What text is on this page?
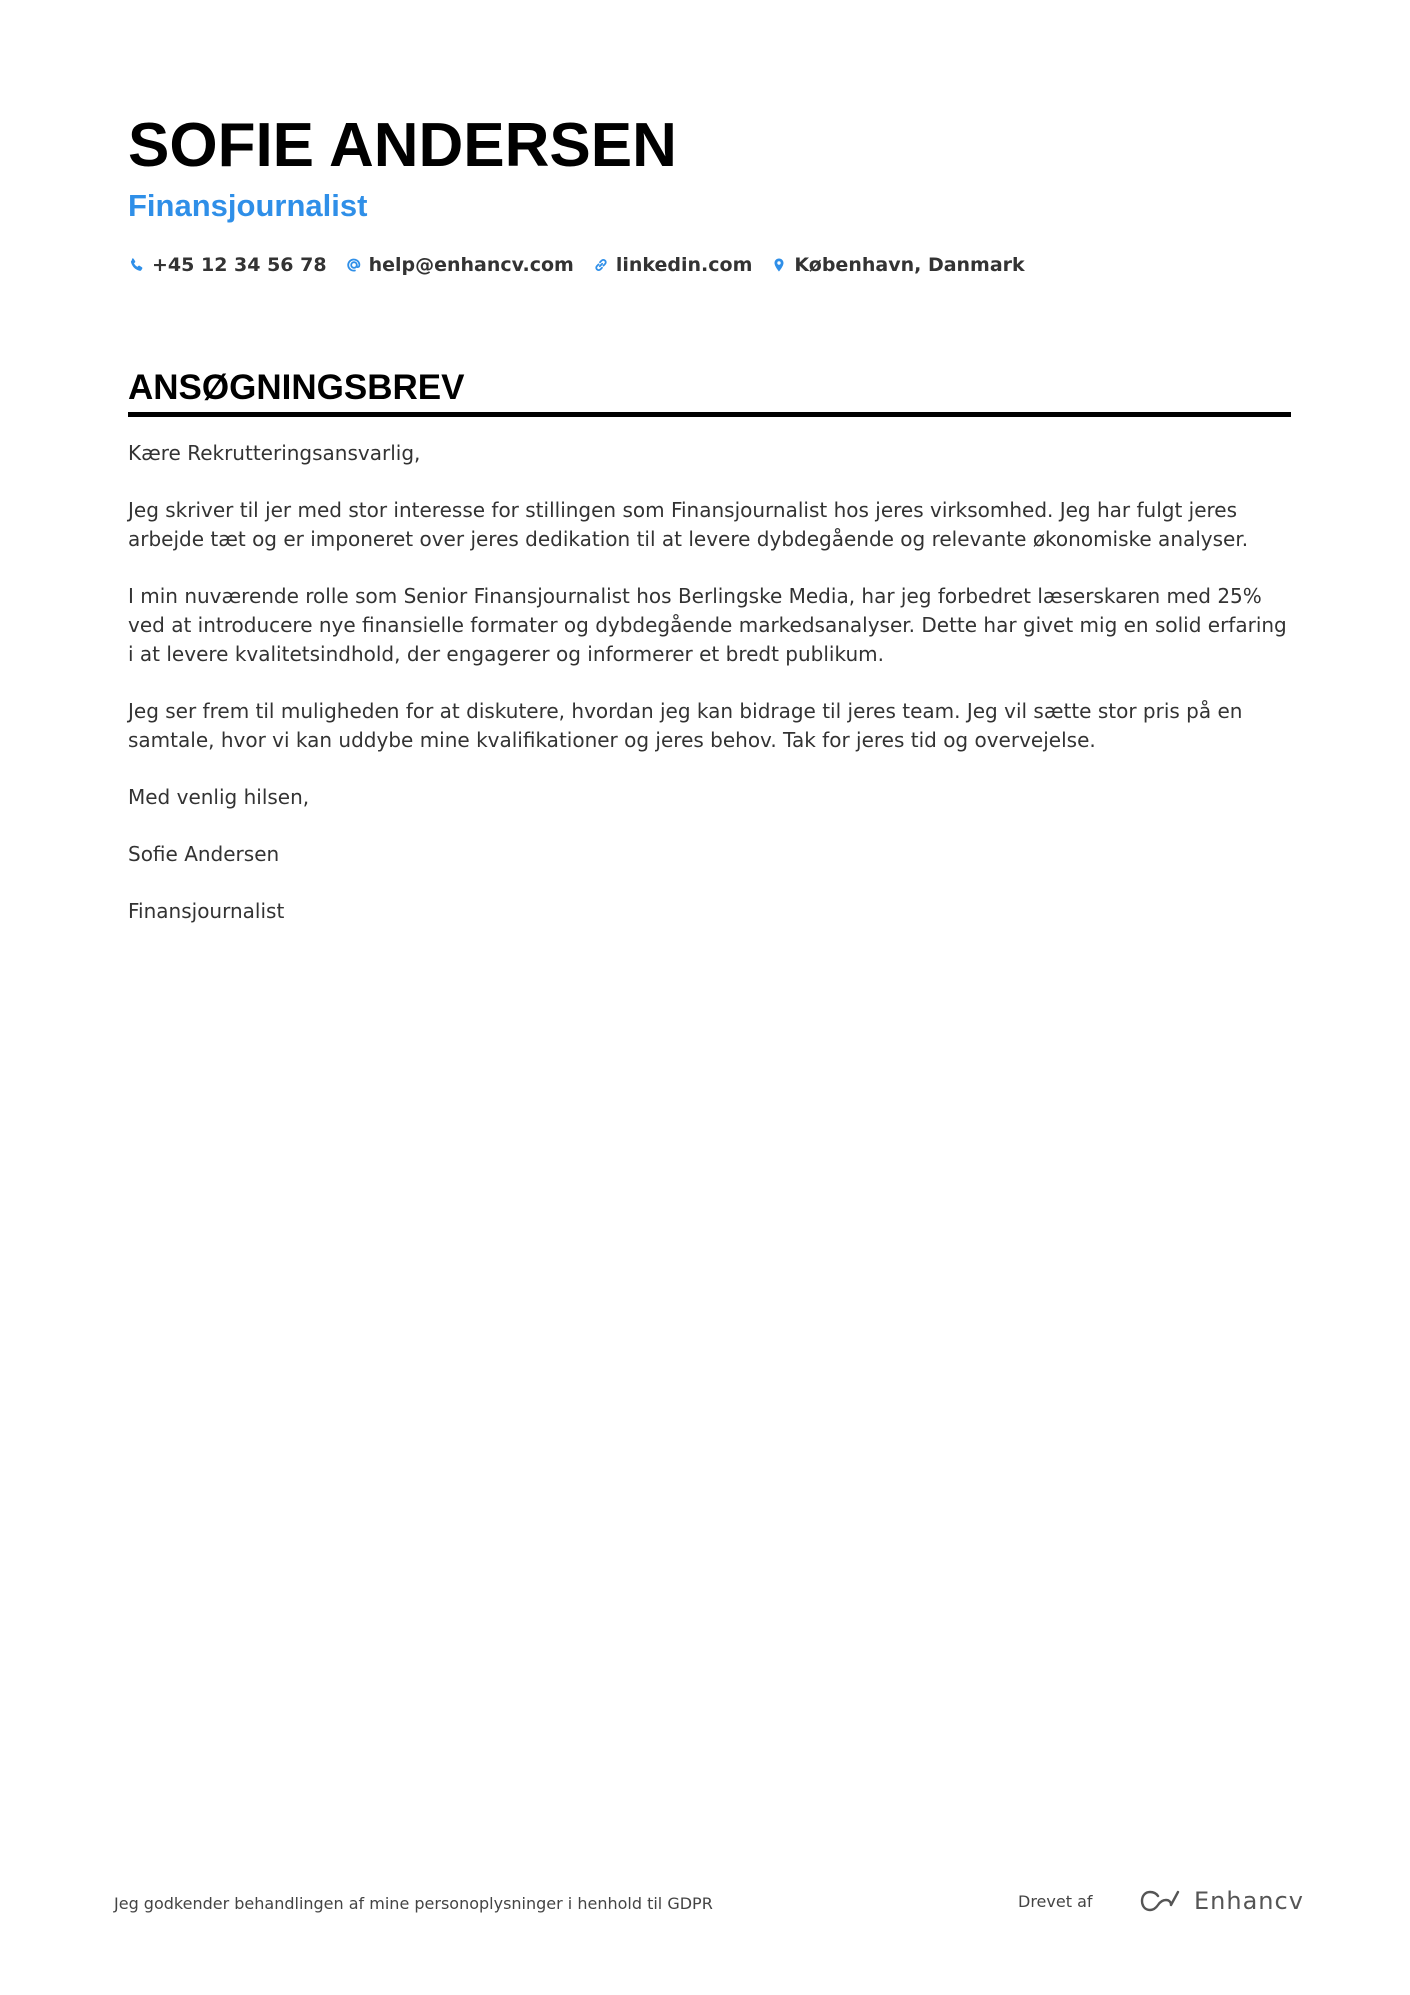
SOFIE ANDERSEN
Finansjournalist
+45 12 34 56 78 help@enhancv.com linkedin.com København, Danmark
ANSØGNINGSBREV

Kære Rekrutteringsansvarlig,

Jeg skriver til jer med stor interesse for stillingen som Finansjournalist hos jeres virksomhed. Jeg har fulgt jeres arbejde tæt og er imponeret over jeres dedikation til at levere dybdegående og relevante økonomiske analyser.

I min nuværende rolle som Senior Finansjournalist hos Berlingske Media, har jeg forbedret læserskaren med 25% ved at introducere nye finansielle formater og dybdegående markedsanalyser. Dette har givet mig en solid erfaring i at levere kvalitetsindhold, der engagerer og informerer et bredt publikum.

Jeg ser frem til muligheden for at diskutere, hvordan jeg kan bidrage til jeres team. Jeg vil sætte stor pris på en samtale, hvor vi kan uddybe mine kvalifikationer og jeres behov. Tak for jeres tid og overvejelse.

Med venlig hilsen,

Sofie Andersen

Finansjournalist

Jeg godkender behandlingen af mine personoplysninger i henhold til GDPR	Drevet af	Enhancv
